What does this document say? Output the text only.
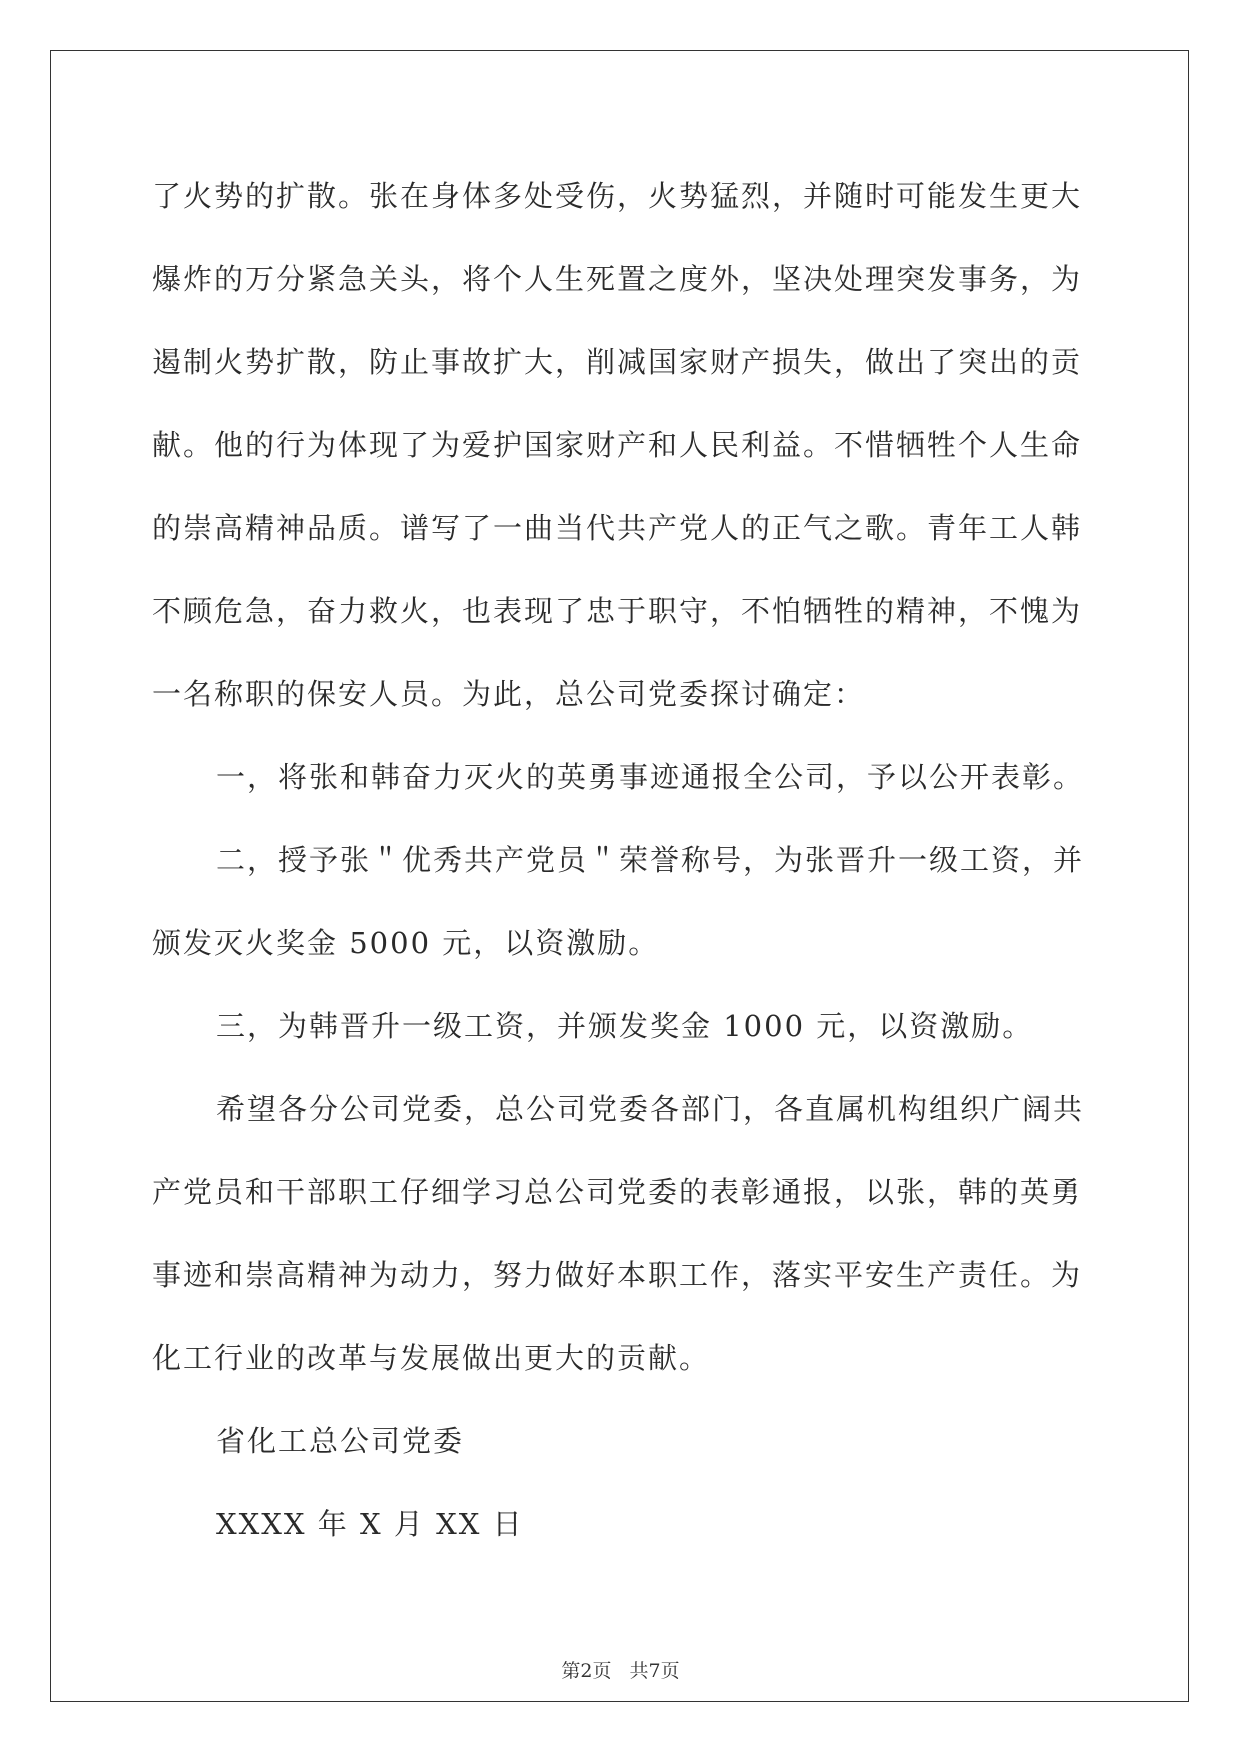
了火势的扩散。张在身体多处受伤，火势猛烈，并随时可能发生更大
爆炸的万分紧急关头，将个人生死置之度外，坚决处理突发事务，为
遏制火势扩散，防止事故扩大，削减国家财产损失，做出了突出的贡
献。他的行为体现了为爱护国家财产和人民利益。不惜牺牲个人生命
的崇高精神品质。谱写了一曲当代共产党人的正气之歌。青年工人韩
不顾危急，奋力救火，也表现了忠于职守，不怕牺牲的精神，不愧为
一名称职的保安人员。为此，总公司党委探讨确定：
一，将张和韩奋力灭火的英勇事迹通报全公司，予以公开表彰。
二，授予张＂优秀共产党员＂荣誉称号，为张晋升一级工资，并
颁发灭火奖金 5000 元，以资激励。
三，为韩晋升一级工资，并颁发奖金 1000 元，以资激励。
希望各分公司党委，总公司党委各部门，各直属机构组织广阔共
产党员和干部职工仔细学习总公司党委的表彰通报，以张，韩的英勇
事迹和崇高精神为动力，努力做好本职工作，落实平安生产责任。为
化工行业的改革与发展做出更大的贡献。
省化工总公司党委
XXXX 年 X 月 XX 日
第2页 共7页
